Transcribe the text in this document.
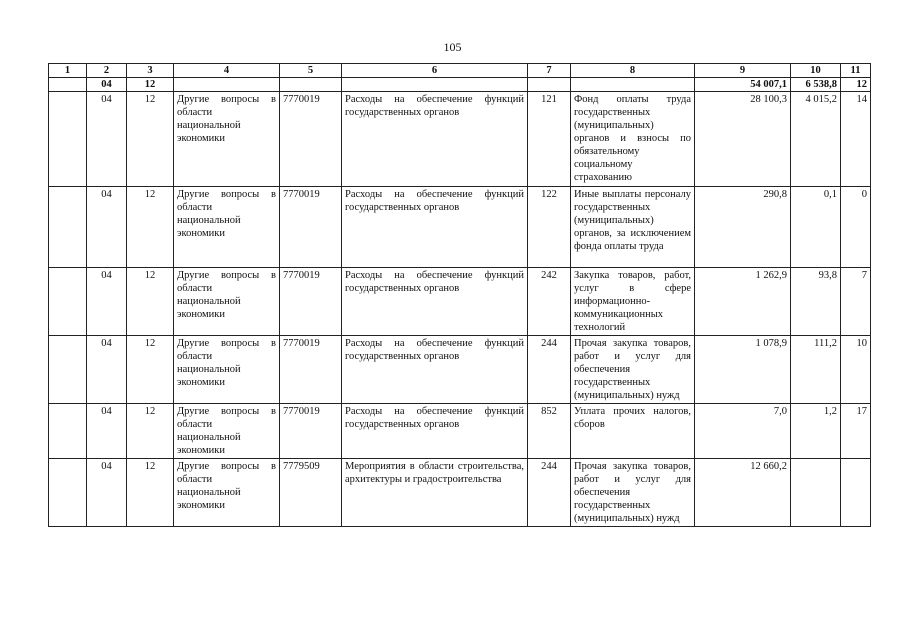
105
1	2	3	4	5	6	7	8	9	10	11
	04	12						54 007,1	6 538,8	12
	04	12	Другие вопросы в области национальной экономики	7770019	Расходы на обеспечение функций государственных органов	121	Фонд оплаты труда государственных (муниципальных) органов и взносы по обязательному социальному страхованию	28 100,3	4 015,2	14
	04	12	Другие вопросы в области национальной экономики	7770019	Расходы на обеспечение функций государственных органов	122	Иные выплаты персоналу государственных (муниципальных) органов, за исключением фонда оплаты труда	290,8	0,1	0
	04	12	Другие вопросы в области национальной экономики	7770019	Расходы на обеспечение функций государственных органов	242	Закупка товаров, работ, услуг в сфере информационно-коммуникационных технологий	1 262,9	93,8	7
	04	12	Другие вопросы в области национальной экономики	7770019	Расходы на обеспечение функций государственных органов	244	Прочая закупка товаров, работ и услуг для обеспечения государственных (муниципальных) нужд	1 078,9	111,2	10
	04	12	Другие вопросы в области национальной экономики	7770019	Расходы на обеспечение функций государственных органов	852	Уплата прочих налогов, сборов	7,0	1,2	17
	04	12	Другие вопросы в области национальной экономики	7779509	Мероприятия в области строительства, архитектуры и градостроительства	244	Прочая закупка товаров, работ и услуг для обеспечения государственных (муниципальных) нужд	12 660,2		
